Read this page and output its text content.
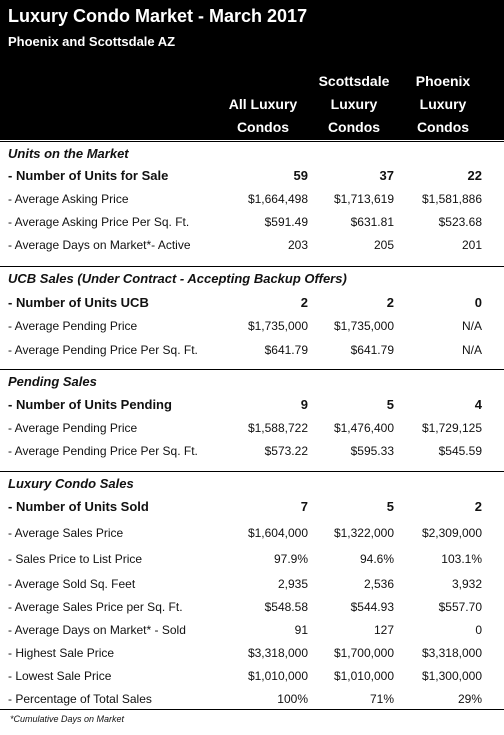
Luxury Condo Market - March 2017
Phoenix and Scottsdale AZ
All Luxury
Condos
Scottsdale
Luxury
Condos
Phoenix
Luxury
Condos
Units on the Market
- Number of Units for Sale	59	37	22
- Average Asking Price	$1,664,498 $1,713,619 $1,581,886
- Average Asking Price Per Sq. Ft.	$591.49	$631.81	$523.68
- Average Days on Market*- Active	203	205	201
UCB Sales (Under Contract - Accepting Backup Offers)
- Number of Units UCB	2	2	0
- Average Pending Price	$1,735,000 $1,735,000	N/A
- Average Pending Price Per Sq. Ft.	$641.79	$641.79	N/A
Pending Sales
- Number of Units Pending	9	5	4
- Average Pending Price	$1,588,722 $1,476,400 $1,729,125
- Average Pending Price Per Sq. Ft.	$573.22	$595.33	$545.59
Luxury Condo Sales
- Number of Units Sold	7	5	2
- Average Sales Price	$1,604,000 $1,322,000 $2,309,000
- Sales Price to List Price	97.9%	94.6%	103.1%
- Average Sold Sq. Feet	2,935	2,536	3,932
- Average Sales Price per Sq. Ft.	$548.58	$544.93	$557.70
- Average Days on Market* - Sold	91	127	0
- Highest Sale Price	$3,318,000 $1,700,000 $3,318,000
- Lowest Sale Price	$1,010,000 $1,010,000 $1,300,000
- Percentage of Total Sales	100%	71%	29%
*Cumulative Days on Market
